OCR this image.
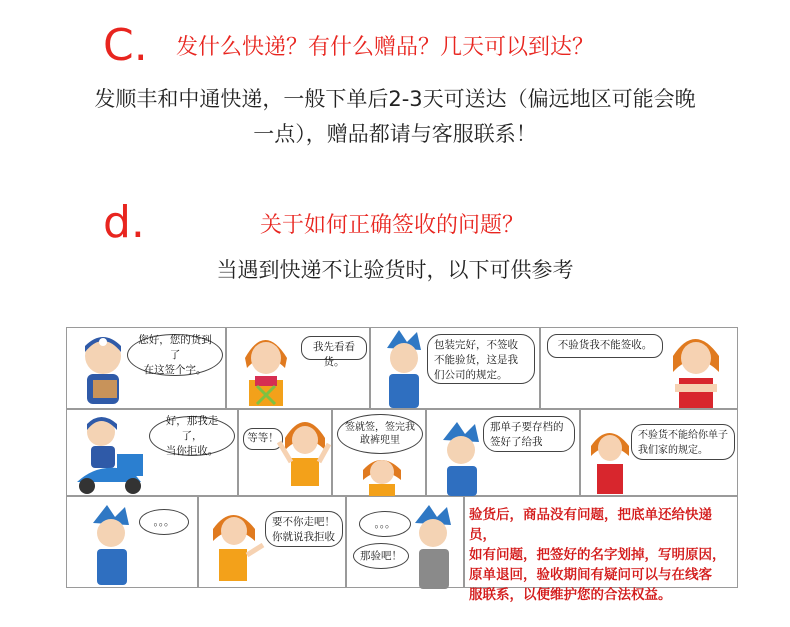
C. 发什么快递？有什么赠品？几天可以到达？
发顺丰和中通快递，一般下单后2-3天可送达（偏远地区可能会晚
一点），赠品都请与客服联系！
d.	关于如何正确签收的问题？
当遇到快递不让验货时，以下可供参考
您好，您的货到了
在这签个字。
我先看看货。
包装完好，不签收
不能验货，这是我
们公司的规定。
不验货我不能签收。
好，那我走了，
当你拒收。
等等！
签就签，签完我
敢裤兜里
那单子要存档的
签好了给我
不验货不能给你单子
我们家的规定。
。。。	要不你走吧！
你就说我拒收
。。。
那验吧！
验货后，商品没有问题，把底单还给快递员，
如有问题，把签好的名字划掉，写明原因，
原单退回，验收期间有疑问可以与在线客
服联系，以便维护您的合法权益。
